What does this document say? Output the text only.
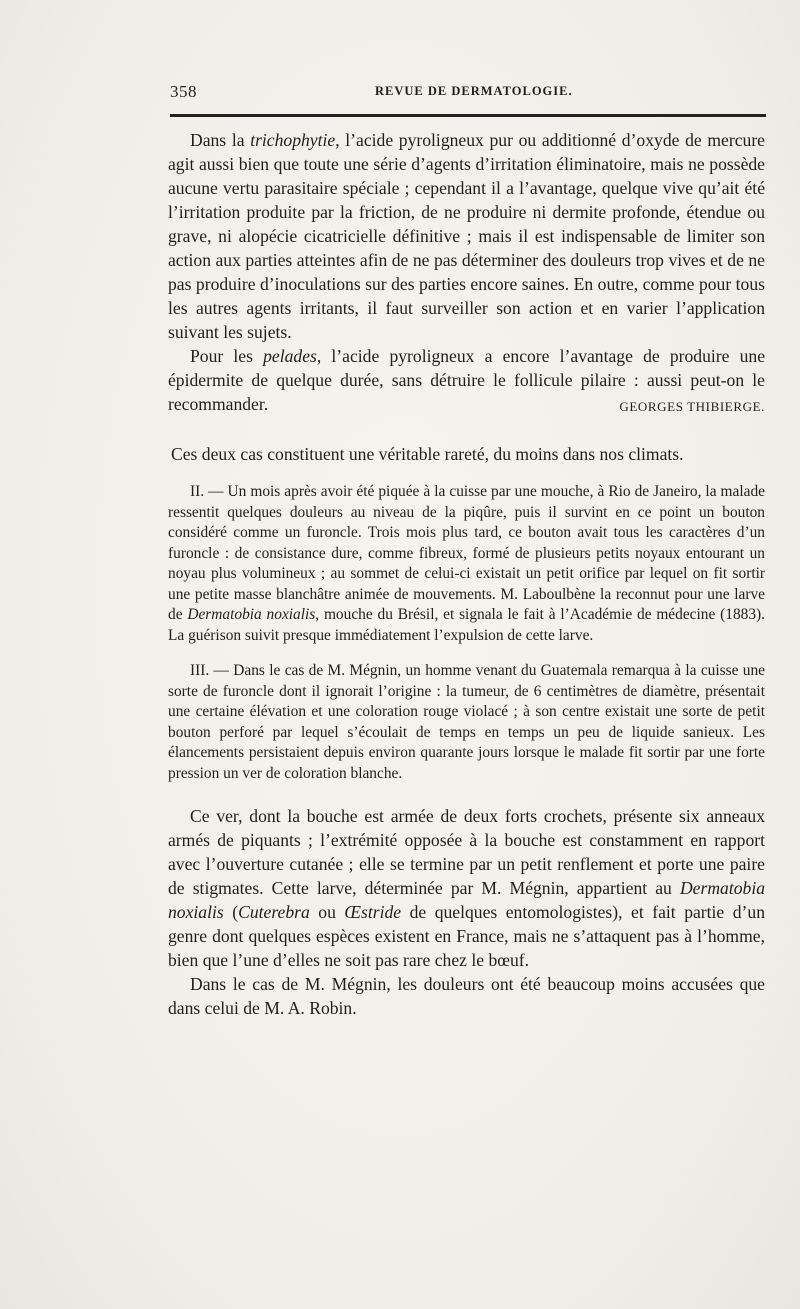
358	REVUE DE DERMATOLOGIE.

Dans la trichophytie, l’acide pyroligneux pur ou additionné d’oxyde de mercure agit aussi bien que toute une série d’agents d’irritation éliminatoire, mais ne possède aucune vertu parasitaire spéciale ; cependant il a l’avantage, quelque vive qu’ait été l’irritation produite par la friction, de ne produire ni dermite profonde, étendue ou grave, ni alopécie cicatricielle définitive ; mais il est indispensable de limiter son action aux parties atteintes afin de ne pas déterminer des douleurs trop vives et de ne pas produire d’inoculations sur des parties encore saines. En outre, comme pour tous les autres agents irritants, il faut surveiller son action et en varier l’application suivant les sujets.

Pour les pelades, l’acide pyroligneux a encore l’avantage de produire une épidermite de quelque durée, sans détruire le follicule pilaire : aussi peut-on le recommander.	GEORGES THIBIERGE.

Ces deux cas constituent une véritable rareté, du moins dans nos climats.

II. — Un mois après avoir été piquée à la cuisse par une mouche, à Rio de Janeiro, la malade ressentit quelques douleurs au niveau de la piqûre, puis il survint en ce point un bouton considéré comme un furoncle. Trois mois plus tard, ce bouton avait tous les caractères d’un furoncle : de consistance dure, comme fibreux, formé de plusieurs petits noyaux entourant un noyau plus volumineux ; au sommet de celui-ci existait un petit orifice par lequel on fit sortir une petite masse blanchâtre animée de mouvements. M. Laboulbène la reconnut pour une larve de Dermatobia noxialis, mouche du Brésil, et signala le fait à l’Académie de médecine (1883). La guérison suivit presque immédiatement l’expulsion de cette larve.

III. — Dans le cas de M. Mégnin, un homme venant du Guatemala remarqua à la cuisse une sorte de furoncle dont il ignorait l’origine : la tumeur, de 6 centimètres de diamètre, présentait une certaine élévation et une coloration rouge violacé ; à son centre existait une sorte de petit bouton perforé par lequel s’écoulait de temps en temps un peu de liquide sanieux. Les élancements persistaient depuis environ quarante jours lorsque le malade fit sortir par une forte pression un ver de coloration blanche.

Ce ver, dont la bouche est armée de deux forts crochets, présente six anneaux armés de piquants ; l’extrémité opposée à la bouche est constamment en rapport avec l’ouverture cutanée ; elle se termine par un petit renflement et porte une paire de stigmates. Cette larve, déterminée par M. Mégnin, appartient au Dermatobia noxialis (Cuterebra ou Œstride de quelques entomologistes), et fait partie d’un genre dont quelques espèces existent en France, mais ne s’attaquent pas à l’homme, bien que l’une d’elles ne soit pas rare chez le bœuf.

Dans le cas de M. Mégnin, les douleurs ont été beaucoup moins accusées que dans celui de M. A. Robin.
